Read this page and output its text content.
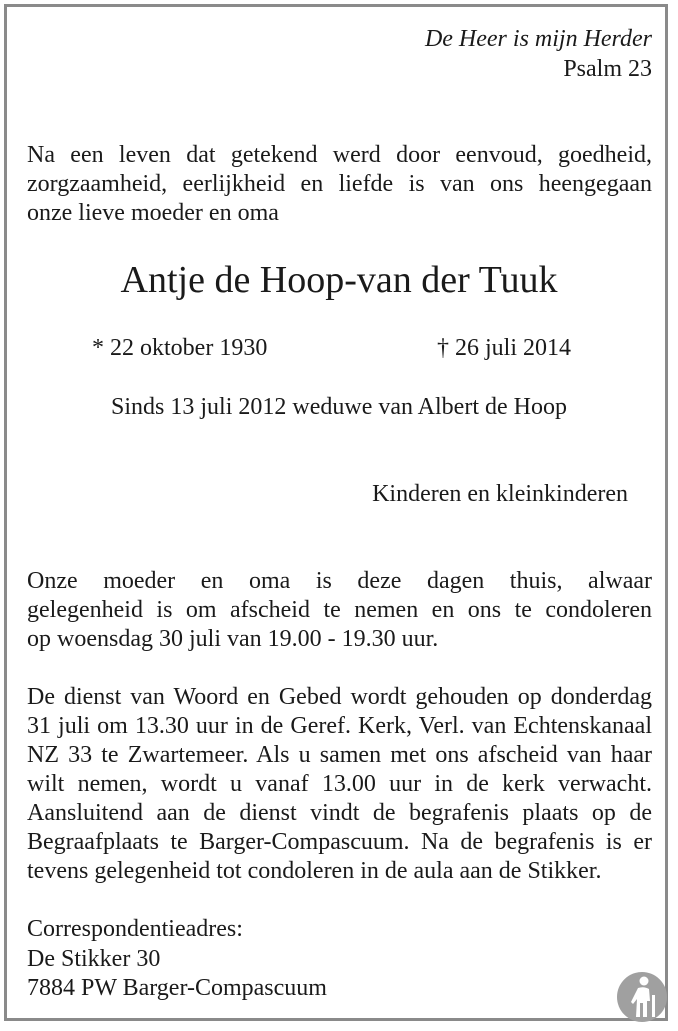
De Heer is mijn Herder
Psalm 23
Na een leven dat getekend werd door eenvoud, goedheid,
zorgzaamheid, eerlijkheid en liefde is van ons heengegaan
onze lieve moeder en oma
Antje de Hoop-van der Tuuk
* 22 oktober 1930	† 26 juli 2014
Sinds 13 juli 2012 weduwe van Albert de Hoop
Kinderen en kleinkinderen
Onze moeder en oma is deze dagen thuis, alwaar
gelegenheid is om afscheid te nemen en ons te condoleren
op woensdag 30 juli van 19.00 - 19.30 uur.
De dienst van Woord en Gebed wordt gehouden op donderdag
31 juli om 13.30 uur in de Geref. Kerk, Verl. van Echtenskanaal
NZ 33 te Zwartemeer. Als u samen met ons afscheid van haar
wilt nemen, wordt u vanaf 13.00 uur in de kerk verwacht.
Aansluitend aan de dienst vindt de begrafenis plaats op de
Begraafplaats te Barger-Compascuum. Na de begrafenis is er
tevens gelegenheid tot condoleren in de aula aan de Stikker.
Correspondentieadres:
De Stikker 30
7884 PW Barger-Compascuum
